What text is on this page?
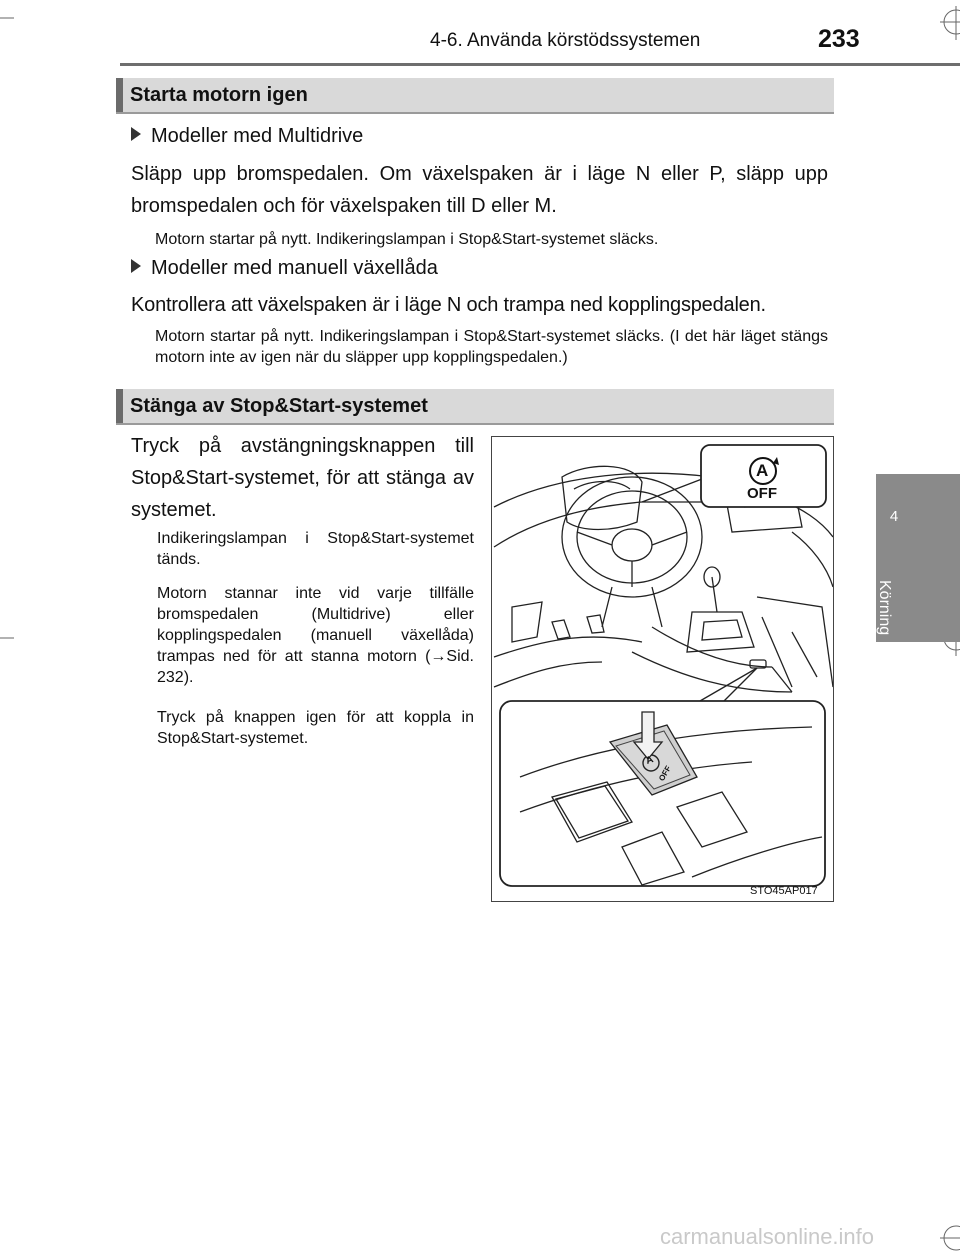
4-6. Använda körstödssystemen	233
4
Körning
Starta motorn igen
Modeller med Multidrive
Släpp upp bromspedalen. Om växelspaken är i läge N eller P, släpp upp bromspedalen och för växelspaken till D eller M.
Motorn startar på nytt. Indikeringslampan i Stop&Start-systemet släcks.
Modeller med manuell växellåda
Kontrollera att växelspaken är i läge N och trampa ned kopplingspedalen.
Motorn startar på nytt. Indikeringslampan i Stop&Start-systemet släcks. (I det här läget stängs motorn inte av igen när du släpper upp kopplingspedalen.)
Stänga av Stop&Start-systemet
Tryck på avstängningsknappen till Stop&Start-systemet, för att stänga av systemet.
Indikeringslampan i Stop&Start-systemet tänds.
Motorn stannar inte vid varje tillfälle bromspedalen (Multidrive) eller kopplingspedalen (manuell växellåda) trampas ned för att stanna motorn (→Sid. 232).
Tryck på knappen igen för att koppla in Stop&Start-systemet.
A
OFF
A
OFF
STO45AP017
carmanualsonline.info
